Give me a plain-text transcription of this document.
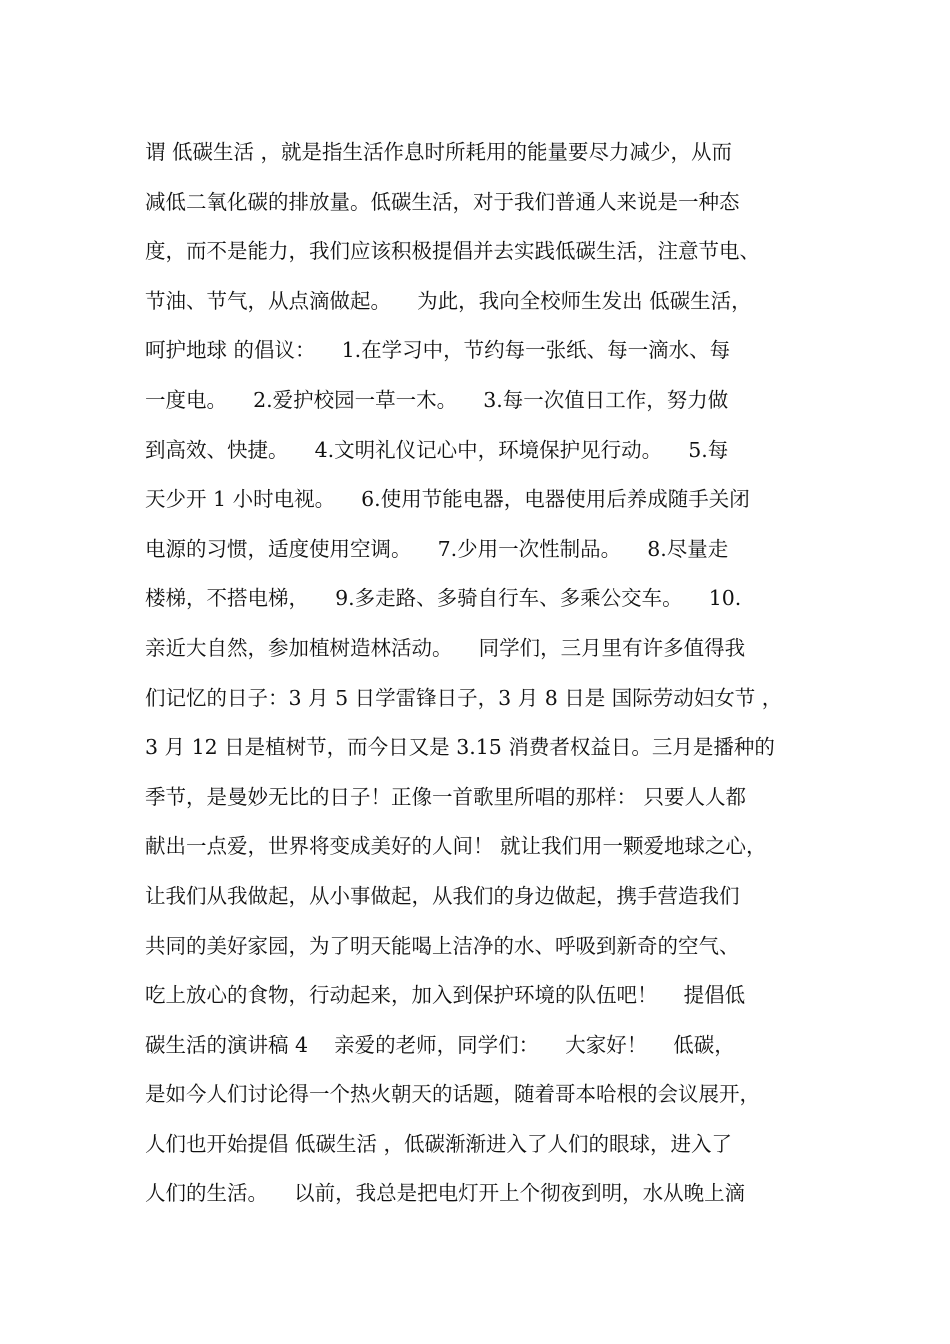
谓 低碳生活 ，就是指生活作息时所耗用的能量要尽力减少，从而
减低二氧化碳的排放量。低碳生活，对于我们普通人来说是一种态
度，而不是能力，我们应该积极提倡并去实践低碳生活，注意节电、
节油、节气，从点滴做起。    为此，我向全校师生发出 低碳生活，
呵护地球 的倡议：    1.在学习中，节约每一张纸、每一滴水、每
一度电。    2.爱护校园一草一木。    3.每一次值日工作，努力做
到高效、快捷。    4.文明礼仪记心中，环境保护见行动。    5.每
天少开 1 小时电视。    6.使用节能电器，电器使用后养成随手关闭
电源的习惯，适度使用空调。    7.少用一次性制品。    8.尽量走
楼梯，不搭电梯，    9.多走路、多骑自行车、多乘公交车。    10.
亲近大自然，参加植树造林活动。    同学们，三月里有许多值得我
们记忆的日子：3 月 5 日学雷锋日子，3 月 8 日是 国际劳动妇女节 ，
3 月 12 日是植树节，而今日又是 3.15 消费者权益日。三月是播种的
季节，是曼妙无比的日子！正像一首歌里所唱的那样： 只要人人都
献出一点爱，世界将变成美好的人间！ 就让我们用一颗爱地球之心，
让我们从我做起，从小事做起，从我们的身边做起，携手营造我们
共同的美好家园，为了明天能喝上洁净的水、呼吸到新奇的空气、
吃上放心的食物，行动起来，加入到保护环境的队伍吧！    提倡低
碳生活的演讲稿 4    亲爱的老师，同学们：    大家好！    低碳，
是如今人们讨论得一个热火朝天的话题，随着哥本哈根的会议展开，
人们也开始提倡 低碳生活 ，低碳渐渐进入了人们的眼球，进入了
人们的生活。    以前，我总是把电灯开上个彻夜到明，水从晚上滴
